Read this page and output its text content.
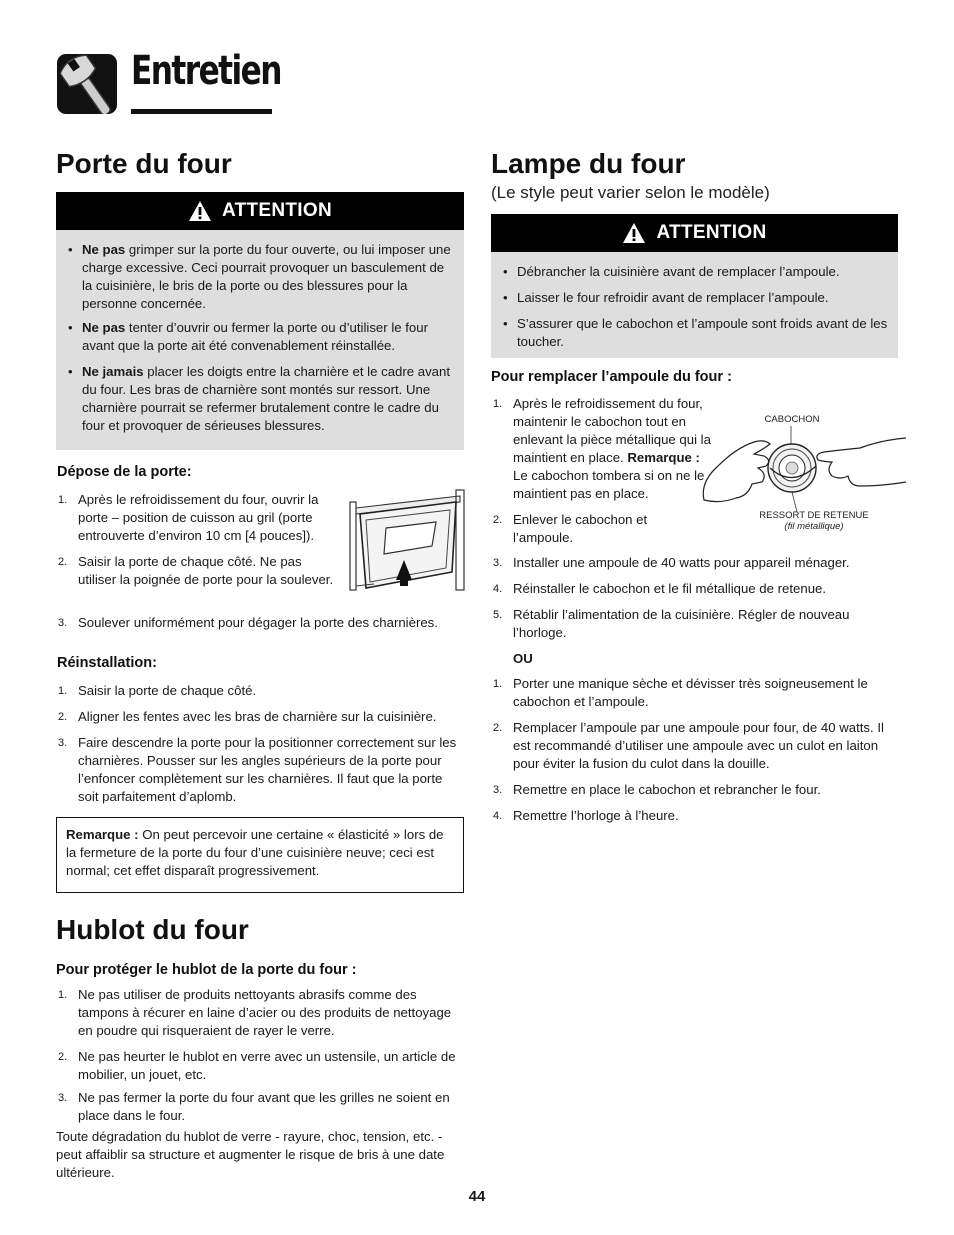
Entretien
Porte du four
ATTENTION
• Ne pas grimper sur la porte du four ouverte, ou lui imposer une charge excessive. Ceci pourrait provoquer un basculement de la cuisinière, le bris de la porte ou des blessures pour la personne concernée.
• Ne pas tenter d’ouvrir ou fermer la porte ou d’utiliser le four avant que la porte ait été convenablement réinstallée.
• Ne jamais placer les doigts entre la charnière et le cadre avant du four. Les bras de charnière sont montés sur ressort. Une charnière pourrait se refermer brutalement contre le cadre du four et provoquer de sérieuses blessures.
Dépose de la porte:
1. Après le refroidissement du four, ouvrir la porte – position de cuisson au gril (porte entrouverte d’environ 10 cm [4 pouces]).
2. Saisir la porte de chaque côté. Ne pas utiliser la poignée de porte pour la soulever.
3. Soulever uniformément pour dégager la porte des charnières.
Réinstallation:
1. Saisir la porte de chaque côté.
2. Aligner les fentes avec les bras de charnière sur la cuisinière.
3. Faire descendre la porte pour la positionner correctement sur les charnières. Pousser sur les angles supérieurs de la porte pour l’enfoncer complètement sur les charnières. Il faut que la porte soit parfaitement d’aplomb.
Remarque : On peut percevoir une certaine « élasticité » lors de la fermeture de la porte du four d’une cuisinière neuve; ceci est normal; cet effet disparaît progressivement.
Hublot du four
Pour protéger le hublot de la porte du four :
1. Ne pas utiliser de produits nettoyants abrasifs comme des tampons à récurer en laine d’acier ou des produits de nettoyage en poudre qui risqueraient de rayer le verre.
2. Ne pas heurter le hublot en verre avec un ustensile, un article de mobilier, un jouet, etc.
3. Ne pas fermer la porte du four avant que les grilles ne soient en place dans le four.

Toute dégradation du hublot de verre - rayure, choc, tension, etc. - peut affaiblir sa structure et augmenter le risque de bris à une date ultérieure.

Lampe du four
(Le style peut varier selon le modèle)
ATTENTION
• Débrancher la cuisinière avant de remplacer l’ampoule.
• Laisser le four refroidir avant de remplacer l’ampoule.
• S’assurer que le cabochon et l’ampoule sont froids avant de les toucher.
Pour remplacer l’ampoule du four :
1. Après le refroidissement du four, maintenir le cabochon tout en enlevant la pièce métallique qui la maintient en place. Remarque : Le cabochon tombera si on ne le maintient pas en place.
2. Enlever le cabochon et l’ampoule.
CABOCHON
RESSORT DE RETENUE
(fil métallique)
3. Installer une ampoule de 40 watts pour appareil ménager.
4. Réinstaller le cabochon et le fil métallique de retenue.
5. Rétablir l’alimentation de la cuisinière. Régler de nouveau l’horloge.
OU
1. Porter une manique sèche et dévisser très soigneusement le cabochon et l’ampoule.
2. Remplacer l’ampoule par une ampoule pour four, de 40 watts. Il est recommandé d’utiliser une ampoule avec un culot en laiton pour éviter la fusion du culot dans la douille.
3. Remettre en place le cabochon et rebrancher le four.
4. Remettre l’horloge à l’heure.
44
